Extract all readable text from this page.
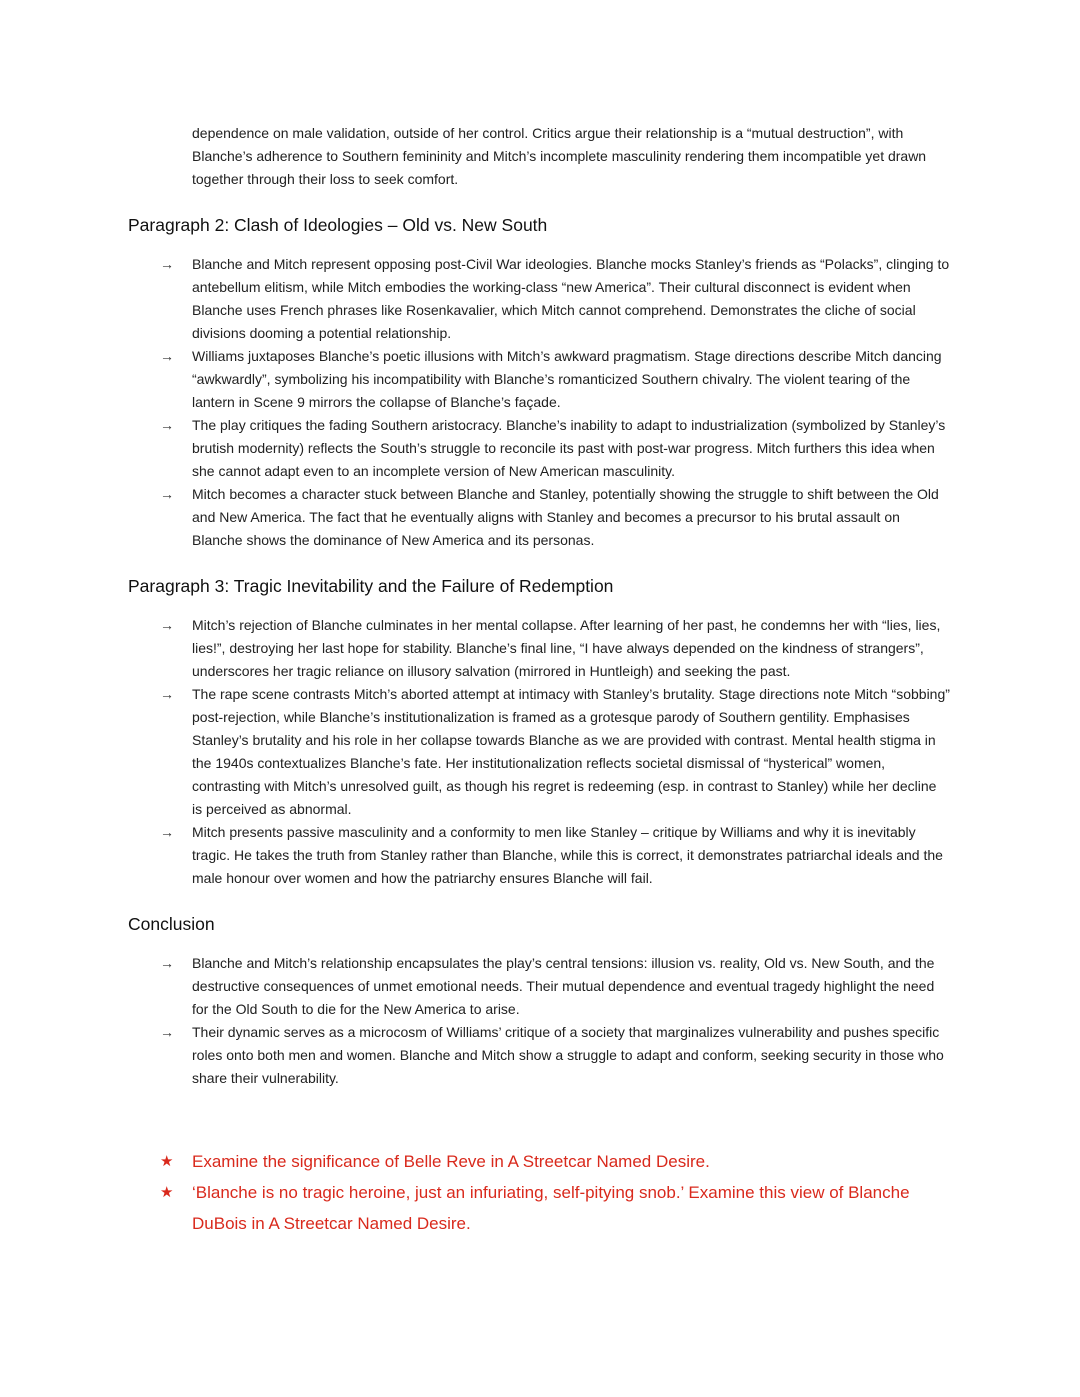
dependence on male validation, outside of her control. Critics argue their relationship is a “mutual destruction”, with Blanche’s adherence to Southern femininity and Mitch’s incomplete masculinity rendering them incompatible yet drawn together through their loss to seek comfort.

Paragraph 2: Clash of Ideologies – Old vs. New South
→	Blanche and Mitch represent opposing post-Civil War ideologies. Blanche mocks Stanley’s friends as “Polacks”, clinging to antebellum elitism, while Mitch embodies the working-class “new America”. Their cultural disconnect is evident when Blanche uses French phrases like Rosenkavalier, which Mitch cannot comprehend. Demonstrates the cliche of social divisions dooming a potential relationship.
→	Williams juxtaposes Blanche’s poetic illusions with Mitch’s awkward pragmatism. Stage directions describe Mitch dancing “awkwardly”, symbolizing his incompatibility with Blanche’s romanticized Southern chivalry. The violent tearing of the lantern in Scene 9 mirrors the collapse of Blanche’s façade.
→	The play critiques the fading Southern aristocracy. Blanche’s inability to adapt to industrialization (symbolized by Stanley’s brutish modernity) reflects the South’s struggle to reconcile its past with post-war progress. Mitch furthers this idea when she cannot adapt even to an incomplete version of New American masculinity.
→	Mitch becomes a character stuck between Blanche and Stanley, potentially showing the struggle to shift between the Old and New America. The fact that he eventually aligns with Stanley and becomes a precursor to his brutal assault on Blanche shows the dominance of New America and its personas.
Paragraph 3: Tragic Inevitability and the Failure of Redemption
→	Mitch’s rejection of Blanche culminates in her mental collapse. After learning of her past, he condemns her with “lies, lies, lies!”, destroying her last hope for stability. Blanche’s final line, “I have always depended on the kindness of strangers”, underscores her tragic reliance on illusory salvation (mirrored in Huntleigh) and seeking the past.
→	The rape scene contrasts Mitch’s aborted attempt at intimacy with Stanley’s brutality. Stage directions note Mitch “sobbing” post-rejection, while Blanche’s institutionalization is framed as a grotesque parody of Southern gentility. Emphasises Stanley’s brutality and his role in her collapse towards Blanche as we are provided with contrast. Mental health stigma in the 1940s contextualizes Blanche’s fate. Her institutionalization reflects societal dismissal of “hysterical” women, contrasting with Mitch’s unresolved guilt, as though his regret is redeeming (esp. in contrast to Stanley) while her decline is perceived as abnormal.
→	Mitch presents passive masculinity and a conformity to men like Stanley – critique by Williams and why it is inevitably tragic. He takes the truth from Stanley rather than Blanche, while this is correct, it demonstrates patriarchal ideals and the male honour over women and how the patriarchy ensures Blanche will fail.
Conclusion
→	Blanche and Mitch’s relationship encapsulates the play’s central tensions: illusion vs. reality, Old vs. New South, and the destructive consequences of unmet emotional needs. Their mutual dependence and eventual tragedy highlight the need for the Old South to die for the New America to arise.
→	Their dynamic serves as a microcosm of Williams’ critique of a society that marginalizes vulnerability and pushes specific roles onto both men and women. Blanche and Mitch show a struggle to adapt and conform, seeking security in those who share their vulnerability.
★	Examine the significance of Belle Reve in A Streetcar Named Desire.
★	‘Blanche is no tragic heroine, just an infuriating, self-pitying snob.’ Examine this view of Blanche DuBois in A Streetcar Named Desire.
